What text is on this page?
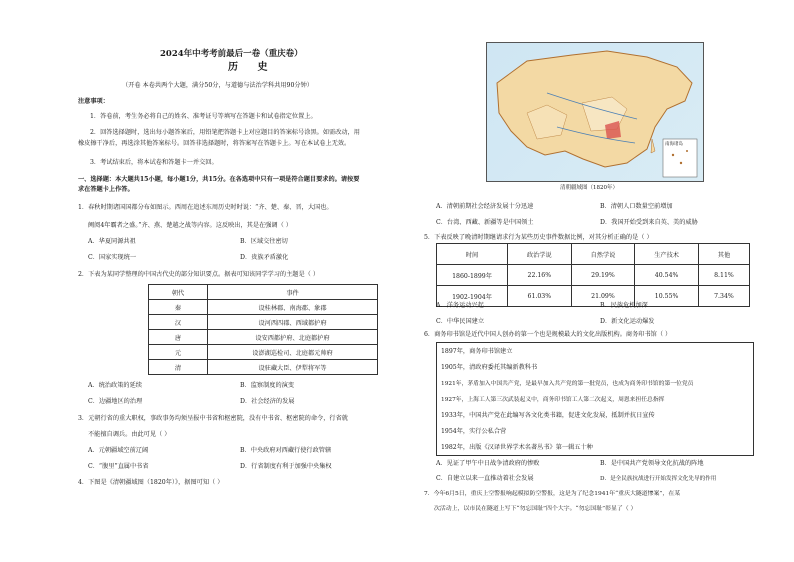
2024年中考考前最后一卷（重庆卷）
历 史
（开卷 本卷共两个大题，满分50分，与道德与法治学科共用90分钟）
注意事项：
1．答卷前，考生务必将自己的姓名、准考证号等填写在答题卡和试卷指定位置上。
2．回答选择题时，选出每小题答案后，用铅笔把答题卡上对应题目的答案标号涂黑。如需改动，用
橡皮擦干净后，再选涂其他答案标号。回答非选择题时，将答案写在答题卡上。写在本试卷上无效。
3．考试结束后，将本试卷和答题卡一并交回。
一、选择题：本大题共15小题，每小题1分，共15分。在各选项中只有一项是符合题目要求的。请按要
求在答题卡上作答。
1．春秋时期诸国国都分布如图示。西周在追述东周历史时时说：“齐、楚、秦、晋，大国也。
阙阅4年霸者之盛。”齐、燕、楚越之战等内容。这反映出，其是在强调（ ）
A．华夏同源共祖	B．区域交往密切
C．国家实现统一	D．贵族矛盾激化
2．下表为某同学整理的中国古代史的部分知识要点。据表可知该同学学习的主题是（ ）
朝代	事件
秦	设桂林郡、南海郡、象郡
汉	设河西四郡、西域都护府
唐	设安西都护府、北庭都护府
元	设澎湖巡检司、北庭都元帅府
清	设驻藏大臣、伊犁将军等
A．统治政策的延续	B．监察制度的演变
C．边疆地区的治理	D．社会经济的发展
3．元朝行省的重大职权，事政事务均须呈报中书省和枢密院，没有中书省、枢密院的命令，行省就
不能擅自调兵。由此可见（ ）
A．元朝疆域空前辽阔	B．中央政府对西藏行使行政管辖
C．“腹里”直属中书省	D．行省制度有利于加强中央集权
4．下图是《清朝疆域图（1820年）》，据图可知（ ）
南海诸岛
清朝疆域图（1820年）
A．清朝前期社会经济发展十分迅速	B．清朝人口数量空前增加
C．台湾、西藏、新疆等是中国领土	D．我国开始受到来自英、美的威胁
5．下表反映了晚清时期继请求行为某些历史事件数据比例，对其分析正确的是（ ）
时间	政治学说	自然学说	生产技术	其他
1860-1899年	22.16%	29.19%	40.54%	8.11%
1902-1904年	61.03%	21.09%	10.55%	7.34%
A．洋务运动兴起	B．民族危机加深
C．中华民国建立	D．新文化运动爆发
6．商务印书馆是近代中国人创办的第一个也是规模最大的文化出版机构。商务印书馆（ ）
1897年，商务印书馆建立
1905年，清政府委托其编新教科书
1921年，茅盾加入中国共产党，是最早加入共产党的第一批党员，也成为商务印书馆的第一位党员
1927年，上海工人第三次武装起义中，商务印书馆工人第二次起义，周恩来担任总指挥
1933年，中国共产党在此编写各文化类书籍，促进文化发展，抵制并抗日宣传
1954年，实行公私合营
1982年，出版《汉译世界学术名著丛书》第一辑五十种
A．见证了甲午中日战争清政府的惨败	B．是中国共产党领导文化抗战的阵地
C．自建立以来一直推动着社会发展	D．是全民族抗战进行开始发挥文化先导的作用
7．今年6月5日，重庆上空警报响起模拟防空警报，这是为了纪念1941年“重庆大隧道惨案”，在某
次活动上，以市民在隧道上写下“勿忘国耻”四个大字。“勿忘国耻”彰显了（ ）
